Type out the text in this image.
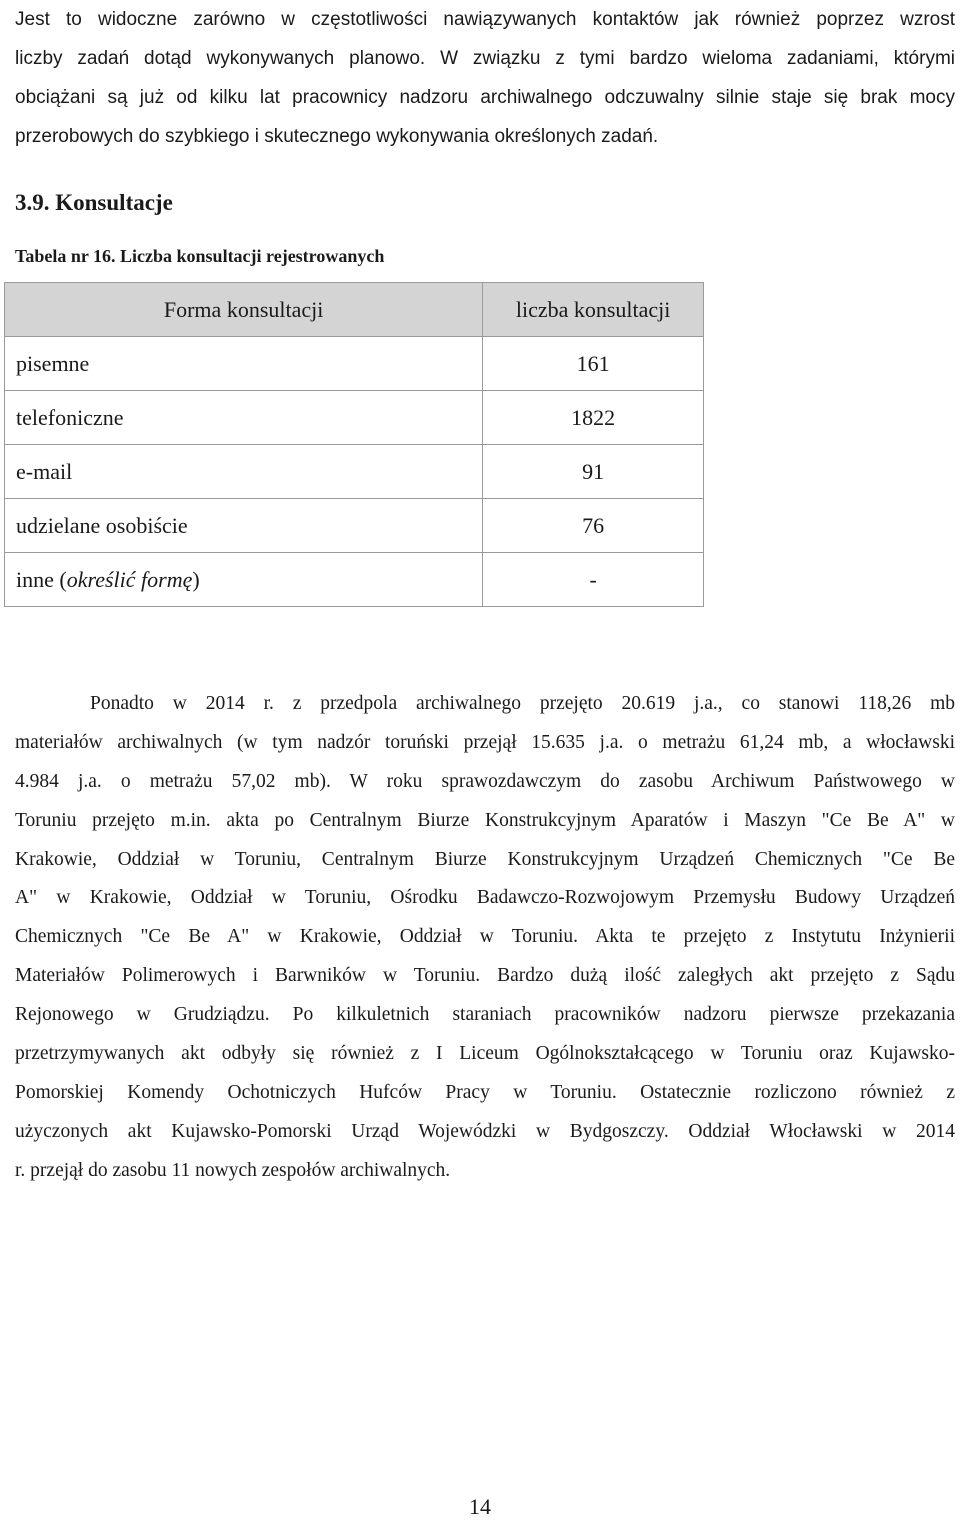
Jest to widoczne zarówno w częstotliwości nawiązywanych kontaktów jak również poprzez wzrost
liczby zadań dotąd wykonywanych planowo. W związku z tymi bardzo wieloma zadaniami, którymi
obciążani są już od kilku lat pracownicy nadzoru archiwalnego odczuwalny silnie staje się brak mocy
przerobowych do szybkiego i skutecznego wykonywania określonych zadań.
3.9. Konsultacje
Tabela nr 16. Liczba konsultacji rejestrowanych
Forma konsultacji	liczba konsultacji
pisemne	161
telefoniczne	1822
e-mail	91
udzielane osobiście	76
inne (określić formę)	-
Ponadto w 2014 r. z przedpola archiwalnego przejęto 20.619 j.a., co stanowi 118,26 mb
materiałów archiwalnych (w tym nadzór toruński przejął 15.635 j.a. o metrażu 61,24 mb, a włocławski
4.984 j.a. o metrażu 57,02 mb). W roku sprawozdawczym do zasobu Archiwum Państwowego w
Toruniu przejęto m.in. akta po Centralnym Biurze Konstrukcyjnym Aparatów i Maszyn "Ce Be A" w
Krakowie, Oddział w Toruniu, Centralnym Biurze Konstrukcyjnym Urządzeń Chemicznych "Ce Be
A" w Krakowie, Oddział w Toruniu, Ośrodku Badawczo-Rozwojowym Przemysłu Budowy Urządzeń
Chemicznych "Ce Be A" w Krakowie, Oddział w Toruniu. Akta te przejęto z Instytutu Inżynierii
Materiałów Polimerowych i Barwników w Toruniu. Bardzo dużą ilość zaległych akt przejęto z Sądu
Rejonowego w Grudziądzu. Po kilkuletnich staraniach pracowników nadzoru pierwsze przekazania
przetrzymywanych akt odbyły się również z I Liceum Ogólnokształcącego w Toruniu oraz Kujawsko-
Pomorskiej Komendy Ochotniczych Hufców Pracy w Toruniu. Ostatecznie rozliczono również z
użyczonych akt Kujawsko-Pomorski Urząd Wojewódzki w Bydgoszczy. Oddział Włocławski w 2014
r. przejął do zasobu 11 nowych zespołów archiwalnych.
14
